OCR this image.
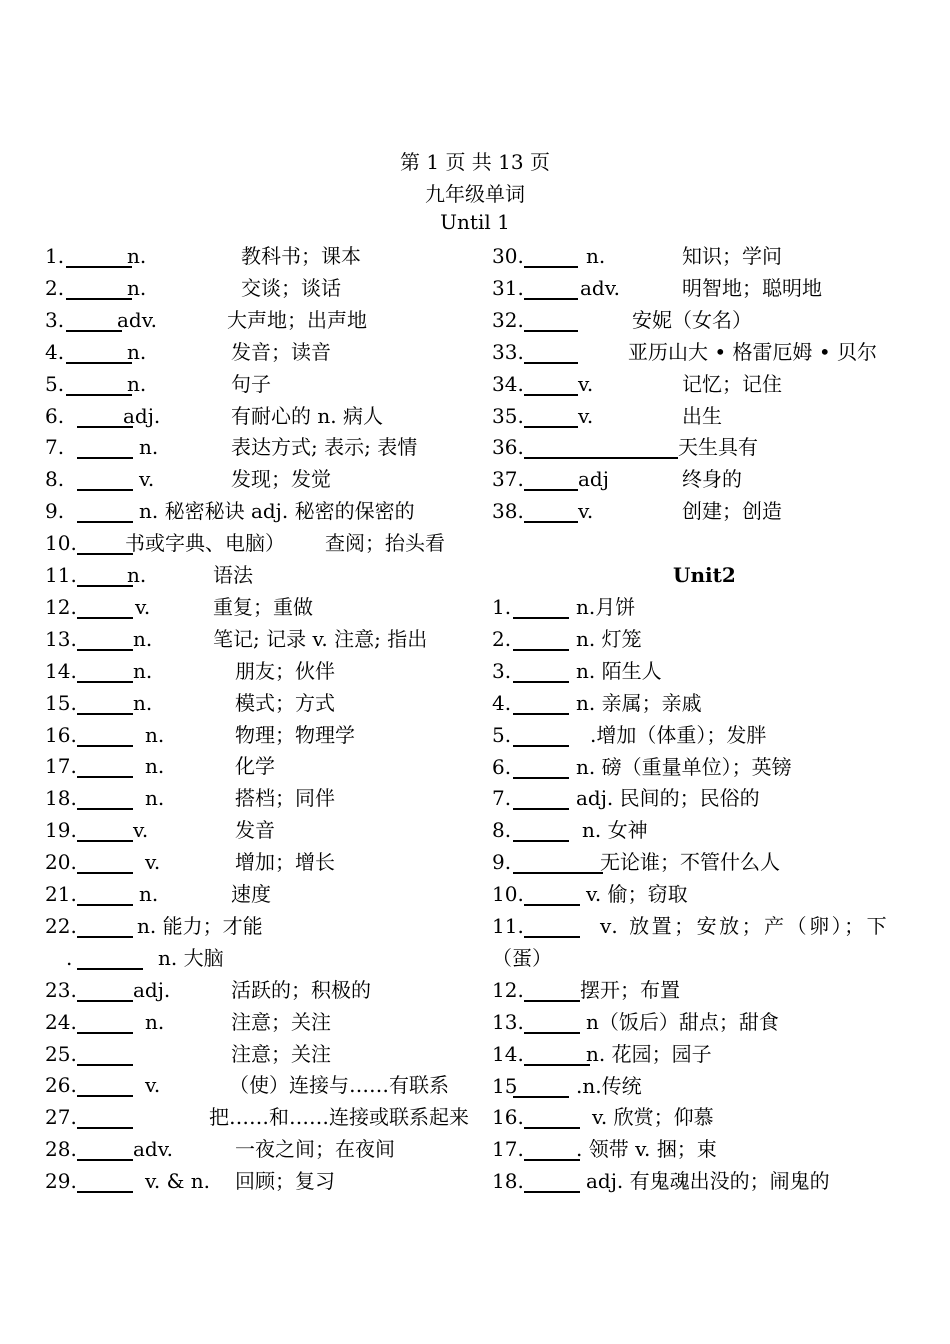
第 1 页 共 13 页
九年级单词
Until 1
Unit2
1.	n.	教科书；课本
2.	n.	交谈；谈话
3.	adv.	大声地；出声地
4.	n.	发音；读音
5.	n.	句子
6.	adj.	有耐心的 n. 病人
7.	n.	表达方式; 表示; 表情
8.	v.	发现；发觉
9.	n. 秘密秘诀 adj. 秘密的保密的
10. 书或字典、电脑） 查阅；抬头看
11.	n.	语法
12.	v.	重复；重做
13.	n.	笔记; 记录 v. 注意; 指出
14.	n.	朋友；伙伴
15.	n.	模式；方式
16.	n.	物理；物理学
17.	n.	化学
18.	n.	搭档；同伴
19.	v.	发音
20.	v.	增加；增长
21.	n.	速度
22.	n. 能力；才能
.	n. 大脑
23.	adj.	活跃的；积极的
24.	n.	注意；关注
25.	注意；关注
26.	v.	（使）连接与……有联系
27.	把……和……连接或联系起来
28.	adv.	一夜之间；在夜间
29.	v. & n. 回顾；复习
30.	n.	知识；学问
31.	adv.	明智地；聪明地
32.	安妮（女名）
33.	亚历山大 • 格雷厄姆 • 贝尔
34.	v.	记忆；记住
35.	v.	出生
36.	天生具有
37.	adj	终身的
38.	v.	创建；创造
1.	n.月饼
2.	n. 灯笼
3.	n. 陌生人
4.	n. 亲属；亲戚
5.	.增加（体重）；发胖
6.	n. 磅（重量单位）；英镑
7.	adj. 民间的；民俗的
8.	n. 女神
9.	无论谁；不管什么人
10.	v. 偷；窃取
11.	v. 放置；安放；产（卵）；下
（蛋）
12.	摆开；布置
13.	n（饭后）甜点；甜食
14.	n. 花园；园子
15	.n.传统
16.	v. 欣赏；仰慕
17.	. 领带 v. 捆；束
18.	adj. 有鬼魂出没的；闹鬼的
